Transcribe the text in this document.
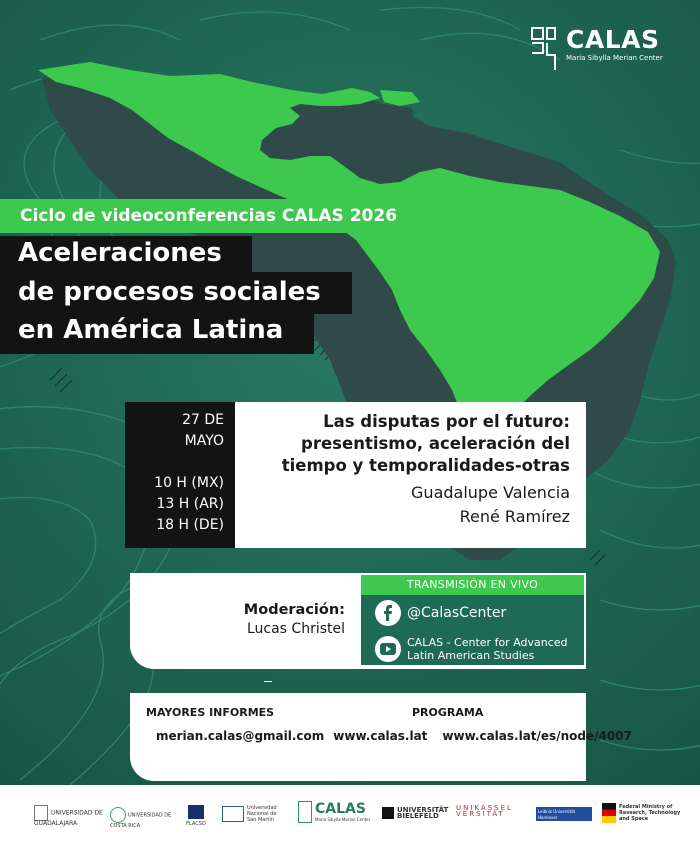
CALAS
Maria Sibylla Merian Center
Ciclo de videoconferencias CALAS 2026
Aceleraciones
de procesos sociales
en América Latina
27 DE
MAYO
10 H (MX)
13 H (AR)
18 H (DE)
Las disputas por el futuro:
presentismo, aceleración del
tiempo y temporalidades-otras
Guadalupe Valencia
René Ramírez
Moderación:
Lucas Christel
TRANSMISIÓN EN VIVO
@CalasCenter
CALAS - Center for Advanced
Latin American Studies
MAYORES INFORMES	PROGRAMA
merian.calas@gmail.com www.calas.lat www.calas.lat/es/node/4007
UNIVERSIDAD DE GUADALAJARA
UNIVERSIDAD DE COSTA RICA	FLACSO
Universidad Nacional de San Martín
CALAS
Maria Sibylla Merian Center
UNIVERSITÄT BIELEFELD
UNIKASSEL VERSITÄT	Leibniz Universität Hannover
Federal Ministry of Research, Technology and Space
